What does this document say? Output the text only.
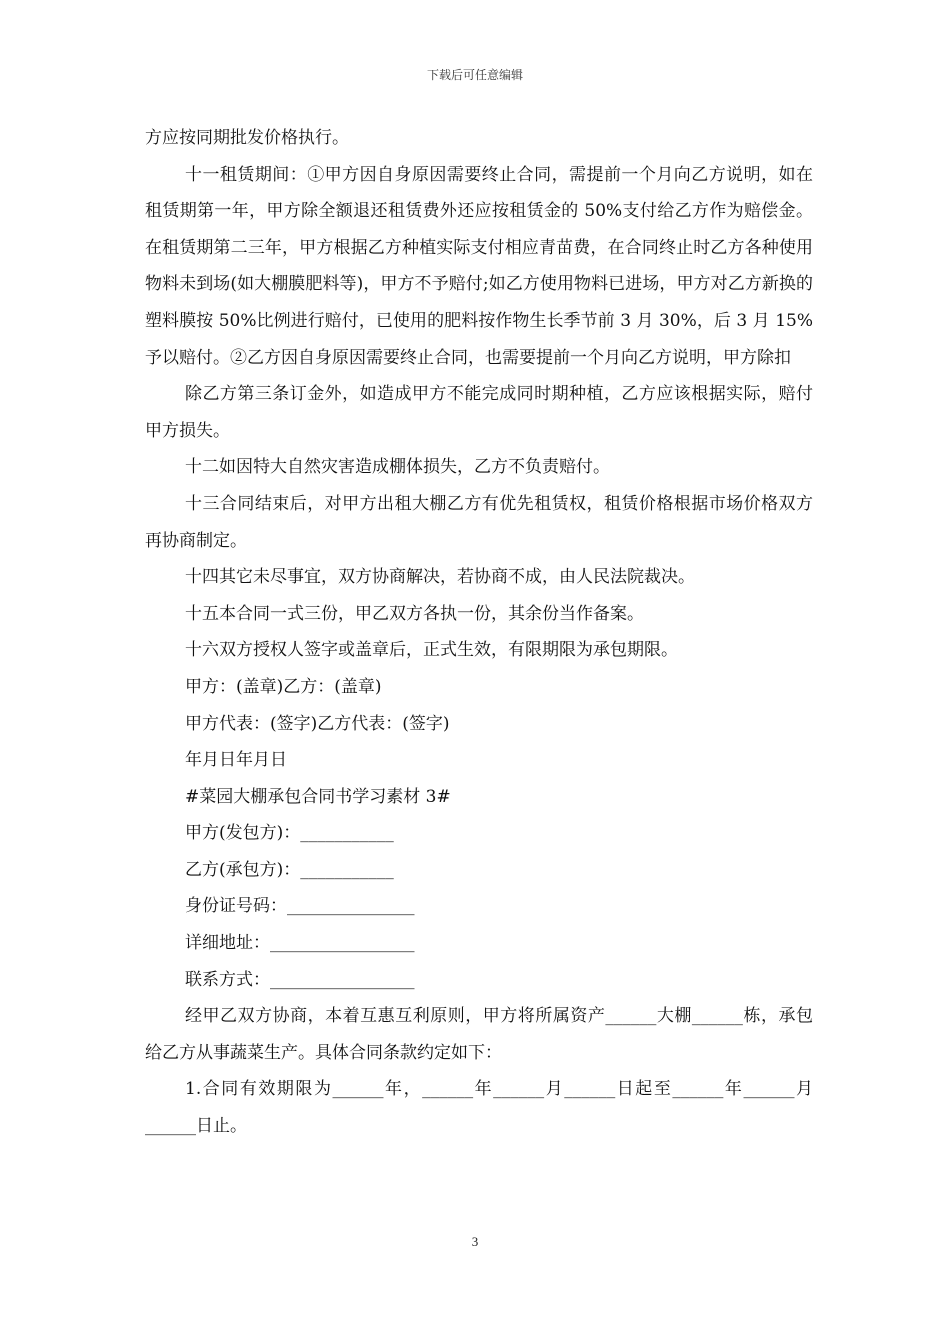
下载后可任意编辑

方应按同期批发价格执行。

十一租赁期间：①甲方因自身原因需要终止合同，需提前一个月向乙方说明，如在租赁期第一年，甲方除全额退还租赁费外还应按租赁金的 50%支付给乙方作为赔偿金。在租赁期第二三年，甲方根据乙方种植实际支付相应青苗费，在合同终止时乙方各种使用物料未到场(如大棚膜肥料等)，甲方不予赔付;如乙方使用物料已进场，甲方对乙方新换的塑料膜按 50%比例进行赔付，已使用的肥料按作物生长季节前 3 月 30%，后 3 月 15%予以赔付。②乙方因自身原因需要终止合同，也需要提前一个月向乙方说明，甲方除扣

除乙方第三条订金外，如造成甲方不能完成同时期种植，乙方应该根据实际，赔付甲方损失。

十二如因特大自然灾害造成棚体损失，乙方不负责赔付。

十三合同结束后，对甲方出租大棚乙方有优先租赁权，租赁价格根据市场价格双方再协商制定。

十四其它未尽事宜，双方协商解决，若协商不成，由人民法院裁决。

十五本合同一式三份，甲乙双方各执一份，其余份当作备案。

十六双方授权人签字或盖章后，正式生效，有限期限为承包期限。

甲方：(盖章)乙方：(盖章)

甲方代表：(签字)乙方代表：(签字)

年月日年月日

#菜园大棚承包合同书学习素材 3#

甲方(发包方)：___________

乙方(承包方)：___________

身份证号码：_______________

详细地址：_________________

联系方式：_________________

经甲乙双方协商，本着互惠互利原则，甲方将所属资产______大棚______栋，承包给乙方从事蔬菜生产。具体合同条款约定如下：

1.合同有效期限为______年，______年______月______日起至______年______月______日止。

3
